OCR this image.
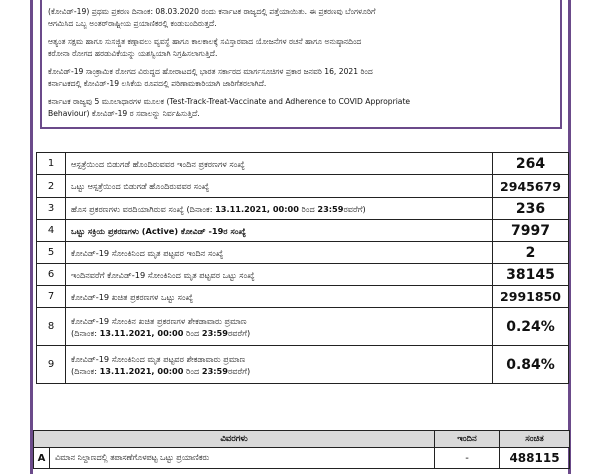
(ಕೋವಿಡ್-19) ಪ್ರಥಮ ಪ್ರಕರಣ ದಿನಾಂಕ: 08.03.2020 ರಂದು ಕರ್ನಾಟಕ ರಾಜ್ಯದಲ್ಲಿ ಪತ್ತೆಯಾಯಿತು. ಈ ಪ್ರಕರಣವು ಬೆಂಗಳೂರಿಗೆ

ಆಗಮಿಸಿದ ಒಬ್ಬ ಅಂತರ್‌ರಾಷ್ಟ್ರೀಯ ಪ್ರಯಾಣಿಕರಲ್ಲಿ ಕಂಡುಬಂದಿರುತ್ತದೆ.

ಆತ್ಯಂತ ಸಕ್ಷಮ ಹಾಗೂ ಸುಸಜ್ಜಿತ ಕಣ್ಗಾವಲು ವ್ಯವಸ್ಥೆ ಹಾಗೂ ಕಾಲಕಾಲಕ್ಕೆ ಸವಿಸ್ತಾರವಾದ ಯೋಜನೆಗಳ ರಚನೆ ಹಾಗೂ ಅನುಷ್ಠಾನದಿಂದ

ಕರೋನಾ ರೋಗದ ಹರಡುವಿಕೆಯನ್ನು ಯಶಸ್ವಿಯಾಗಿ ನಿಗ್ರಹಿಸಲಾಗುತ್ತಿದೆ.

ಕೋವಿಡ್-19 ಸಾಂಕ್ರಾಮಿಕ ರೋಗದ ವಿರುದ್ಧದ ಹೋರಾಟದಲ್ಲಿ ಭಾರತ ಸರ್ಕಾರದ ಮಾರ್ಗಸೂಚಿಗಳ ಪ್ರಕಾರ ಜನವರಿ 16, 2021 ರಿಂದ

ಕರ್ನಾಟಕದಲ್ಲಿ ಕೋವಿಡ್-19 ಲಸಿಕೆಯ ರೂಪದಲ್ಲಿ ಪರಿಣಾಮಕಾರಿಯಾಗಿ ಜಾರಿಗೆತರಲಾಗಿದೆ.

ಕರ್ನಾಟಕ ರಾಜ್ಯವು 5 ಮೂಲಾಧಾರಗಳ ಮೂಲಕ (Test-Track-Treat-Vaccinate and Adherence to COVID Appropriate

Behaviour) ಕೋವಿಡ್-19 ರ ಸವಾಲನ್ನು ನಿರ್ವಹಿಸುತ್ತಿದೆ.

1	ಆಸ್ಪತ್ರೆಯಿಂದ ಬಿಡುಗಡೆ ಹೊಂದಿರುವವರ ಇಂದಿನ ಪ್ರಕರಣಗಳ ಸಂಖ್ಯೆ	264
2	ಒಟ್ಟು ಆಸ್ಪತ್ರೆಯಿಂದ ಬಿಡುಗಡೆ ಹೊಂದಿರುವವರ ಸಂಖ್ಯೆ	2945679
3	ಹೊಸ ಪ್ರಕರಣಗಳು ವರದಿಯಾಗಿರುವ ಸಂಖ್ಯೆ (ದಿನಾಂಕ: 13.11.2021, 00:00 ರಿಂದ 23:59ರವರೆಗೆ)	236
4	ಒಟ್ಟು ಸಕ್ರಿಯ ಪ್ರಕರಣಗಳು (Active) ಕೋವಿಡ್ -19ರ ಸಂಖ್ಯೆ	7997
5	ಕೋವಿಡ್-19 ಸೋಂಕಿನಿಂದ ಮೃತ ಪಟ್ಟವರ ಇಂದಿನ ಸಂಖ್ಯೆ	2
6	ಇಂದಿನವರೆಗೆ ಕೋವಿಡ್-19 ಸೋಂಕಿನಿಂದ ಮೃತ ಪಟ್ಟವರ ಒಟ್ಟು ಸಂಖ್ಯೆ	38145
7	ಕೋವಿಡ್-19 ಖಚಿತ ಪ್ರಕರಣಗಳ ಒಟ್ಟು ಸಂಖ್ಯೆ	2991850
8	ಕೋವಿಡ್-19 ಸೋಂಕಿನ ಖಚಿತ ಪ್ರಕರಣಗಳ ಶೇಕಡಾವಾರು ಪ್ರಮಾಣ
(ದಿನಾಂಕ: 13.11.2021, 00:00 ರಿಂದ 23:59ರವರೆಗೆ)	0.24%
9	ಕೋವಿಡ್-19 ಸೋಂಕಿನಿಂದ ಮೃತ ಪಟ್ಟವರ ಶೇಕಡಾವಾರು ಪ್ರಮಾಣ
(ದಿನಾಂಕ: 13.11.2021, 00:00 ರಿಂದ 23:59ರವರೆಗೆ)	0.84%
ವಿವರಗಳು		ಇಂದಿನ	ಸಂಚಿತ
A	ವಿಮಾನ ನಿಲ್ದಾಣದಲ್ಲಿ ತಪಾಸಣೆಗೊಳಪಟ್ಟ ಒಟ್ಟು ಪ್ರಯಾಣಿಕರು	-	488115
